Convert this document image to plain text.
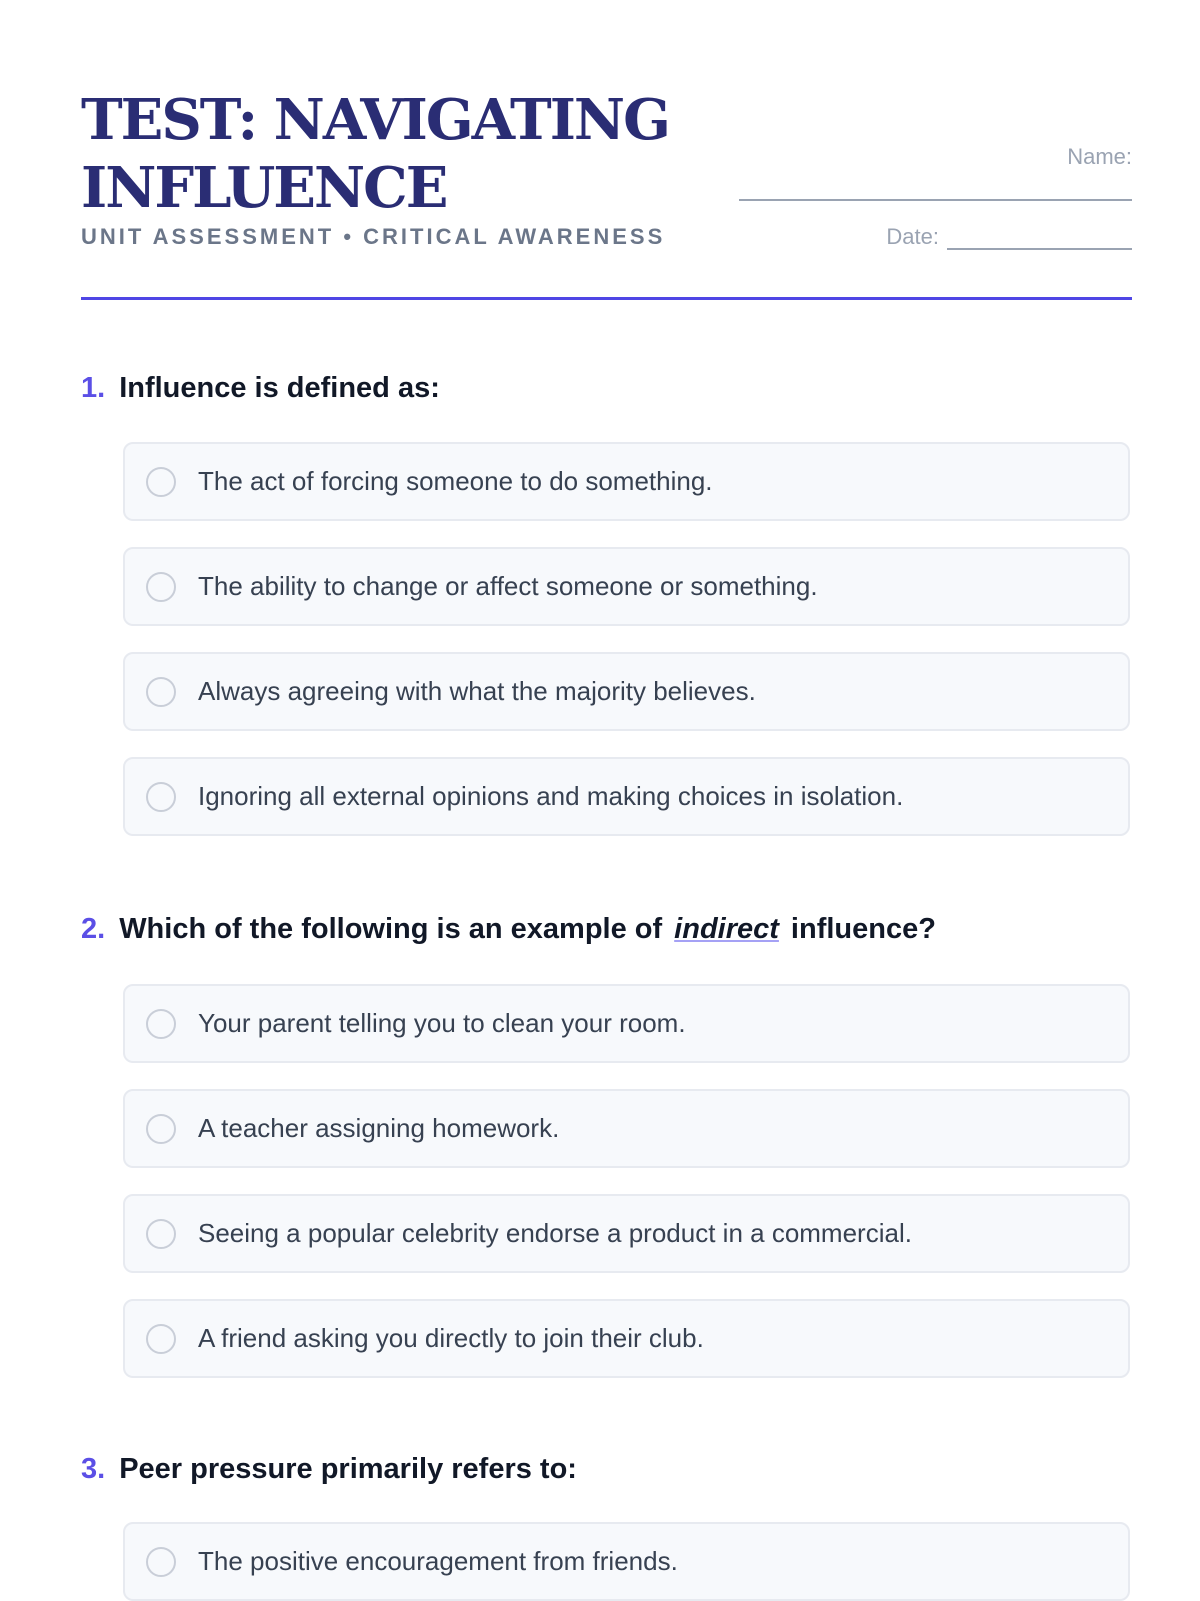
TEST: NAVIGATING INFLUENCE
UNIT ASSESSMENT • CRITICAL AWARENESS
Name:
Date:
1. Influence is defined as:
The act of forcing someone to do something.
The ability to change or affect someone or something.
Always agreeing with what the majority believes.
Ignoring all external opinions and making choices in isolation.
2. Which of the following is an example of indirect influence?
Your parent telling you to clean your room.
A teacher assigning homework.
Seeing a popular celebrity endorse a product in a commercial.
A friend asking you directly to join their club.
3. Peer pressure primarily refers to:
The positive encouragement from friends.
